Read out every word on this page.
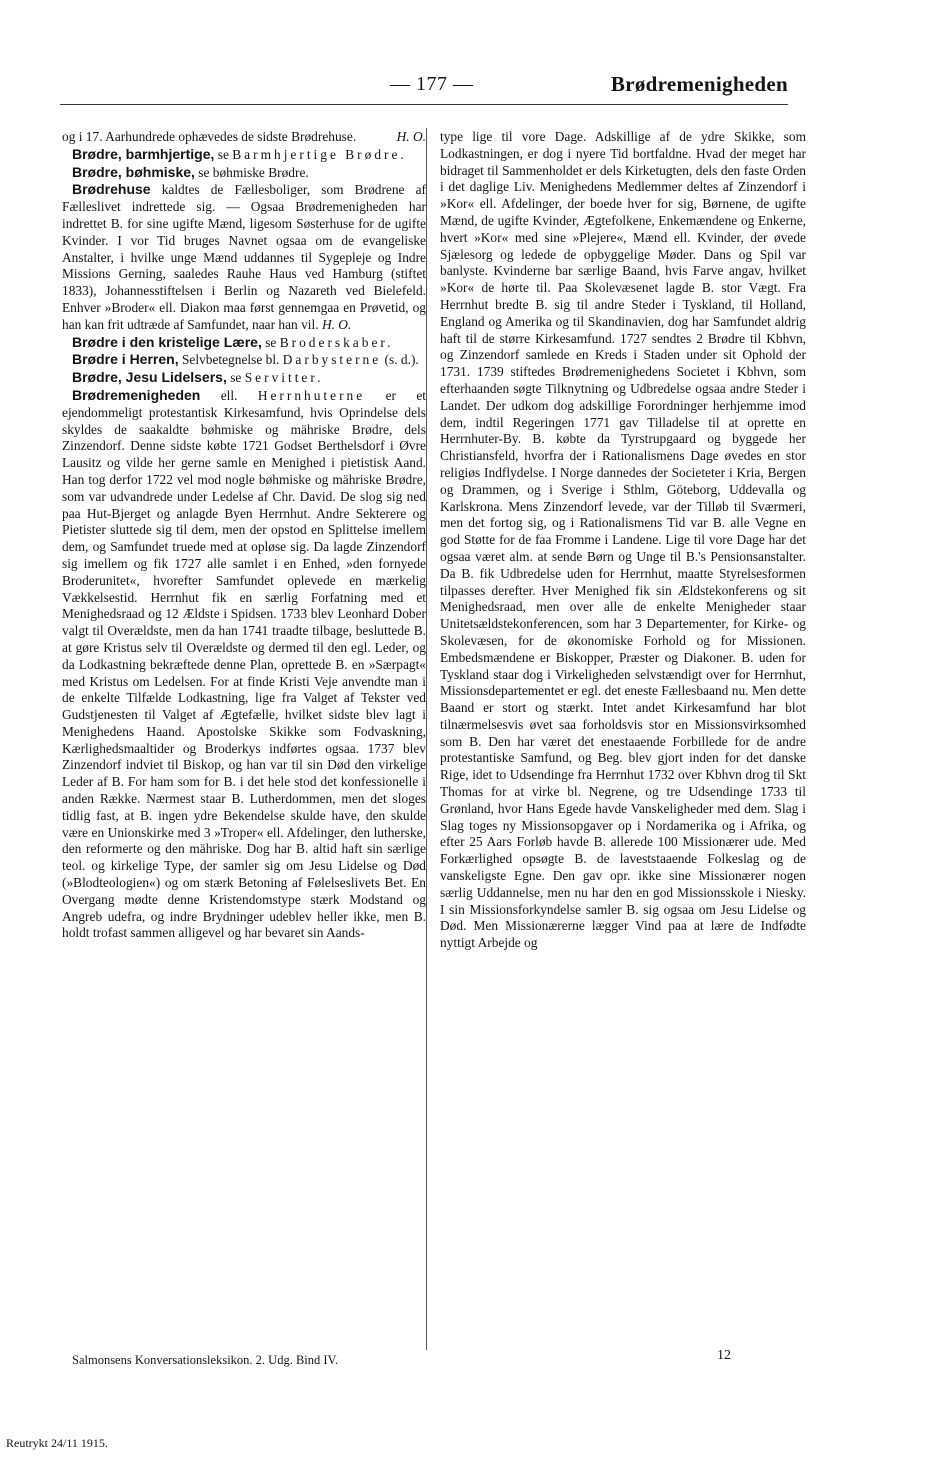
— 177 —	Brødremenigheden

og i 17. Aarhundrede ophævedes de sidste Brødrehuse.	H. O.

Brødre, barmhjertige, se Barmhjertige Brødre.

Brødre, bøhmiske, se bøhmiske Brødre.

Brødrehuse kaldtes de Fællesboliger, som Brødrene af Fælleslivet indrettede sig. — Ogsaa Brødremenigheden har indrettet B. for sine ugifte Mænd, ligesom Søsterhuse for de ugifte Kvinder. I vor Tid bruges Navnet ogsaa om de evangeliske Anstalter, i hvilke unge Mænd uddannes til Sygepleje og Indre Missions Gerning, saaledes Rauhe Haus ved Hamburg (stiftet 1833), Johannesstiftelsen i Berlin og Nazareth ved Bielefeld. Enhver »Broder« ell. Diakon maa først gennemgaa en Prøvetid, og han kan frit udtræde af Samfundet, naar han vil. H. O.

Brødre i den kristelige Lære, se Broderskaber.

Brødre i Herren, Selvbetegnelse bl. Darbysterne (s. d.).

Brødre, Jesu Lidelsers, se Servitter.

Brødremenigheden ell. Herrnhuterne er et ejendommeligt protestantisk Kirkesamfund, hvis Oprindelse dels skyldes de saakaldte bøhmiske og mähriske Brødre, dels Zinzendorf. Denne sidste købte 1721 Godset Berthelsdorf i Øvre Lausitz og vilde her gerne samle en Menighed i pietistisk Aand. Han tog derfor 1722 vel mod nogle bøhmiske og mähriske Brødre, som var udvandrede under Ledelse af Chr. David. De slog sig ned paa Hut-Bjerget og anlagde Byen Herrnhut. Andre Sekterere og Pietister sluttede sig til dem, men der opstod en Splittelse imellem dem, og Samfundet truede med at opløse sig. Da lagde Zinzendorf sig imellem og fik 1727 alle samlet i en Enhed, »den fornyede Broderunitet«, hvorefter Samfundet oplevede en mærkelig Vækkelsestid. Herrnhut fik en særlig Forfatning med et Menighedsraad og 12 Ældste i Spidsen. 1733 blev Leonhard Dober valgt til Overældste, men da han 1741 traadte tilbage, besluttede B. at gøre Kristus selv til Overældste og dermed til den egl. Leder, og da Lodkastning bekræftede denne Plan, oprettede B. en »Særpagt« med Kristus om Ledelsen. For at finde Kristi Veje anvendte man i de enkelte Tilfælde Lodkastning, lige fra Valget af Tekster ved Gudstjenesten til Valget af Ægtefælle, hvilket sidste blev lagt i Menighedens Haand. Apostolske Skikke som Fodvaskning, Kærlighedsmaaltider og Broderkys indførtes ogsaa. 1737 blev Zinzendorf indviet til Biskop, og han var til sin Død den virkelige Leder af B. For ham som for B. i det hele stod det konfessionelle i anden Række. Nærmest staar B. Lutherdommen, men det sloges tidlig fast, at B. ingen ydre Bekendelse skulde have, den skulde være en Unionskirke med 3 »Troper« ell. Afdelinger, den lutherske, den reformerte og den mähriske. Dog har B. altid haft sin særlige teol. og kirkelige Type, der samler sig om Jesu Lidelse og Død (»Blodteologien«) og om stærk Betoning af Følelseslivets Bet. En Overgang mødte denne Kristendomstype stærk Modstand og Angreb udefra, og indre Brydninger udeblev heller ikke, men B. holdt trofast sammen alligevel og har bevaret sin Aands-

type lige til vore Dage. Adskillige af de ydre Skikke, som Lodkastningen, er dog i nyere Tid bortfaldne. Hvad der meget har bidraget til Sammenholdet er dels Kirketugten, dels den faste Orden i det daglige Liv. Menighedens Medlemmer deltes af Zinzendorf i »Kor« ell. Afdelinger, der boede hver for sig, Børnene, de ugifte Mænd, de ugifte Kvinder, Ægtefolkene, Enkemændene og Enkerne, hvert »Kor« med sine »Plejere«, Mænd ell. Kvinder, der øvede Sjælesorg og ledede de opbyggelige Møder. Dans og Spil var banlyste. Kvinderne bar særlige Baand, hvis Farve angav, hvilket »Kor« de hørte til. Paa Skolevæsenet lagde B. stor Vægt. Fra Herrnhut bredte B. sig til andre Steder i Tyskland, til Holland, England og Amerika og til Skandinavien, dog har Samfundet aldrig haft til de større Kirkesamfund. 1727 sendtes 2 Brødre til Kbhvn, og Zinzendorf samlede en Kreds i Staden under sit Ophold der 1731. 1739 stiftedes Brødremenighedens Societet i Kbhvn, som efterhaanden søgte Tilknytning og Udbredelse ogsaa andre Steder i Landet. Der udkom dog adskillige Forordninger herhjemme imod dem, indtil Regeringen 1771 gav Tilladelse til at oprette en Herrnhuter-By. B. købte da Tyrstrupgaard og byggede her Christiansfeld, hvorfra der i Rationalismens Dage øvedes en stor religiøs Indflydelse. I Norge dannedes der Societeter i Kria, Bergen og Drammen, og i Sverige i Sthlm, Göteborg, Uddevalla og Karlskrona. Mens Zinzendorf levede, var der Tilløb til Sværmeri, men det fortog sig, og i Rationalismens Tid var B. alle Vegne en god Støtte for de faa Fromme i Landene. Lige til vore Dage har det ogsaa været alm. at sende Børn og Unge til B.'s Pensionsanstalter. Da B. fik Udbredelse uden for Herrnhut, maatte Styrelsesformen tilpasses derefter. Hver Menighed fik sin Ældstekonferens og sit Menighedsraad, men over alle de enkelte Menigheder staar Unitetsældstekonferencen, som har 3 Departementer, for Kirke- og Skolevæsen, for de økonomiske Forhold og for Missionen. Embedsmændene er Biskopper, Præster og Diakoner. B. uden for Tyskland staar dog i Virkeligheden selvstændigt over for Herrnhut, Missionsdepartementet er egl. det eneste Fællesbaand nu. Men dette Baand er stort og stærkt. Intet andet Kirkesamfund har blot tilnærmelsesvis øvet saa forholdsvis stor en Missionsvirksomhed som B. Den har været det enestaaende Forbillede for de andre protestantiske Samfund, og Beg. blev gjort inden for det danske Rige, idet to Udsendinge fra Herrnhut 1732 over Kbhvn drog til Skt Thomas for at virke bl. Negrene, og tre Udsendinge 1733 til Grønland, hvor Hans Egede havde Vanskeligheder med dem. Slag i Slag toges ny Missionsopgaver op i Nordamerika og i Afrika, og efter 25 Aars Forløb havde B. allerede 100 Missionærer ude. Med Forkærlighed opsøgte B. de laveststaaende Folkeslag og de vanskeligste Egne. Den gav opr. ikke sine Missionærer nogen særlig Uddannelse, men nu har den en god Missionsskole i Niesky. I sin Missionsforkyndelse samler B. sig ogsaa om Jesu Lidelse og Død. Men Missionærerne lægger Vind paa at lære de Indfødte nyttigt Arbejde og

Salmonsens Konversationsleksikon. 2. Udg. Bind IV.	12
Reutrykt 24/11 1915.
